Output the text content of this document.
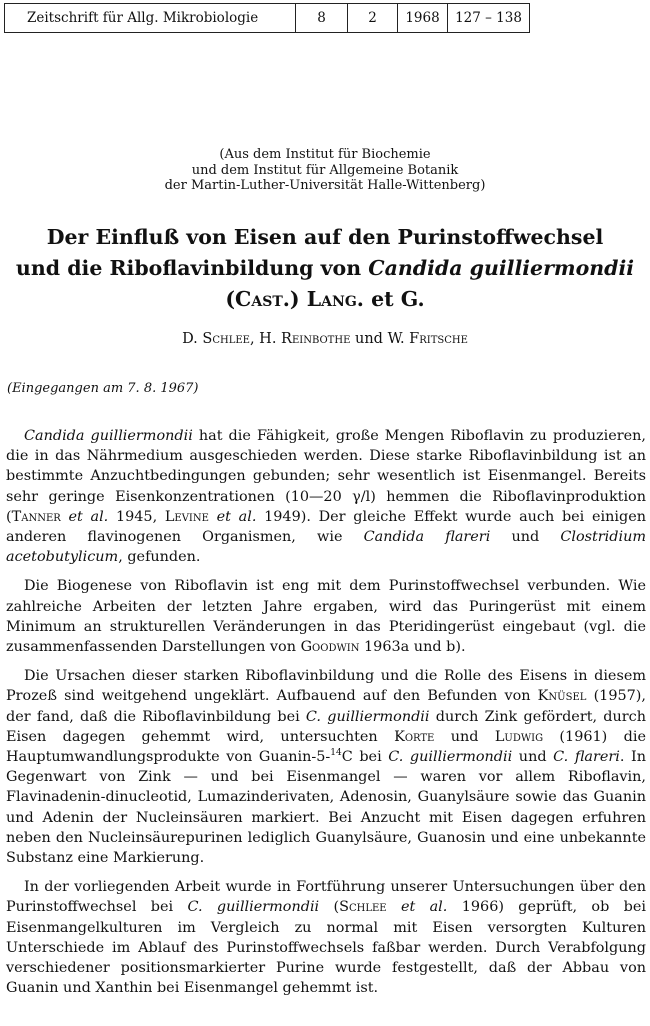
Zeitschrift für Allg. Mikrobiologie	8	2	1968	127 – 138
(Aus dem Institut für Biochemie
und dem Institut für Allgemeine Botanik
der Martin-Luther-Universität Halle-Wittenberg)
Der Einfluß von Eisen auf den Purinstoffwechsel
und die Riboflavinbildung von Candida guilliermondii
(Cast.) Lang. et G.
D. Schlee, H. Reinbothe und W. Fritsche
(Eingegangen am 7. 8. 1967)

Candida guilliermondii hat die Fähigkeit, große Mengen Riboflavin zu produzieren, die in das Nährmedium ausgeschieden werden. Diese starke Riboflavinbildung ist an bestimmte Anzuchtbedingungen gebunden; sehr wesentlich ist Eisenmangel. Bereits sehr geringe Eisenkonzentrationen (10—20 γ/l) hemmen die Riboflavinproduktion (Tanner et al. 1945, Levine et al. 1949). Der gleiche Effekt wurde auch bei einigen anderen flavinogenen Organismen, wie Candida flareri und Clostridium acetobutylicum, gefunden.

Die Biogenese von Riboflavin ist eng mit dem Purinstoffwechsel verbunden. Wie zahlreiche Arbeiten der letzten Jahre ergaben, wird das Puringerüst mit einem Minimum an strukturellen Veränderungen in das Pteridingerüst eingebaut (vgl. die zusammenfassenden Darstellungen von Goodwin 1963a und b).

Die Ursachen dieser starken Riboflavinbildung und die Rolle des Eisens in diesem Prozeß sind weitgehend ungeklärt. Aufbauend auf den Befunden von Knüsel (1957), der fand, daß die Riboflavinbildung bei C. guilliermondii durch Zink gefördert, durch Eisen dagegen gehemmt wird, untersuchten Korte und Ludwig (1961) die Hauptumwandlungsprodukte von Guanin-5-$^{14}$C bei C. guilliermondii und C. flareri. In Gegenwart von Zink — und bei Eisenmangel — waren vor allem Riboflavin, Flavinadenin-dinucleotid, Lumazinderivaten, Adenosin, Guanylsäure sowie das Guanin und Adenin der Nucleinsäuren markiert. Bei Anzucht mit Eisen dagegen erfuhren neben den Nucleinsäurepurinen lediglich Guanylsäure, Guanosin und eine unbekannte Substanz eine Markierung.

In der vorliegenden Arbeit wurde in Fortführung unserer Untersuchungen über den Purinstoffwechsel bei C. guilliermondii (Schlee et al. 1966) geprüft, ob bei Eisenmangelkulturen im Vergleich zu normal mit Eisen versorgten Kulturen Unterschiede im Ablauf des Purinstoffwechsels faßbar werden. Durch Verabfolgung verschiedener positionsmarkierter Purine wurde festgestellt, daß der Abbau von Guanin und Xanthin bei Eisenmangel gehemmt ist.
